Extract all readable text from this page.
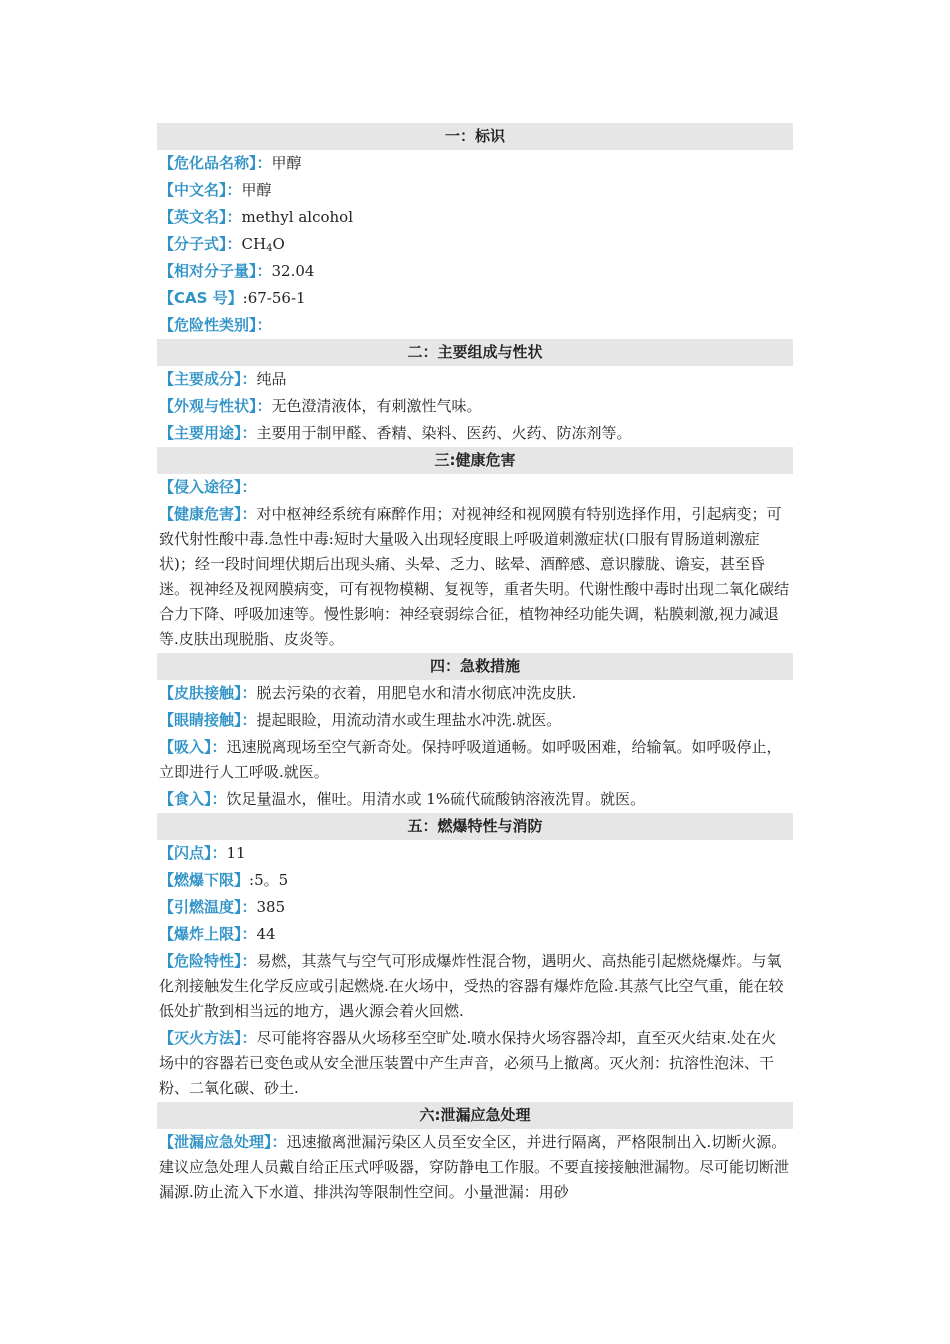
一：标识
【危化品名称】：甲醇
【中文名】：甲醇
【英文名】：methyl alcohol
【分子式】：$CH_4O$
【相对分子量】：32.04
【CAS 号】:67-56-1
【危险性类别】：
二：主要组成与性状
【主要成分】：纯品
【外观与性状】：无色澄清液体，有刺激性气味。
【主要用途】：主要用于制甲醛、香精、染料、医药、火药、防冻剂等。
三:健康危害
【侵入途径】：
【健康危害】：对中枢神经系统有麻醉作用；对视神经和视网膜有特别选择作用，引起病变；可致代射性酸中毒.急性中毒:短时大量吸入出现轻度眼上呼吸道刺激症状(口服有胃肠道刺激症状)；经一段时间埋伏期后出现头痛、头晕、乏力、眩晕、酒醉感、意识朦胧、谵妄，甚至昏迷。视神经及视网膜病变，可有视物模糊、复视等，重者失明。代谢性酸中毒时出现二氧化碳结合力下降、呼吸加速等。慢性影响：神经衰弱综合征，植物神经功能失调，粘膜刺激,视力减退等.皮肤出现脱脂、皮炎等。
四：急救措施
【皮肤接触】：脱去污染的衣着，用肥皂水和清水彻底冲洗皮肤.
【眼睛接触】：提起眼睑，用流动清水或生理盐水冲洗.就医。
【吸入】：迅速脱离现场至空气新奇处。保持呼吸道通畅。如呼吸困难，给输氧。如呼吸停止，立即进行人工呼吸.就医。
【食入】：饮足量温水，催吐。用清水或 1%硫代硫酸钠溶液洗胃。就医。
五：燃爆特性与消防
【闪点】：11
【燃爆下限】:5。5
【引燃温度】：385
【爆炸上限】：44
【危险特性】：易燃，其蒸气与空气可形成爆炸性混合物，遇明火、高热能引起燃烧爆炸。与氧化剂接触发生化学反应或引起燃烧.在火场中，受热的容器有爆炸危险.其蒸气比空气重，能在较低处扩散到相当远的地方，遇火源会着火回燃.
【灭火方法】：尽可能将容器从火场移至空旷处.喷水保持火场容器冷却，直至灭火结束.处在火场中的容器若已变色或从安全泄压装置中产生声音，必须马上撤离。灭火剂：抗溶性泡沫、干粉、二氧化碳、砂土.
六:泄漏应急处理
【泄漏应急处理】：迅速撤离泄漏污染区人员至安全区，并进行隔离，严格限制出入.切断火源。建议应急处理人员戴自给正压式呼吸器，穿防静电工作服。不要直接接触泄漏物。尽可能切断泄漏源.防止流入下水道、排洪沟等限制性空间。小量泄漏：用砂
